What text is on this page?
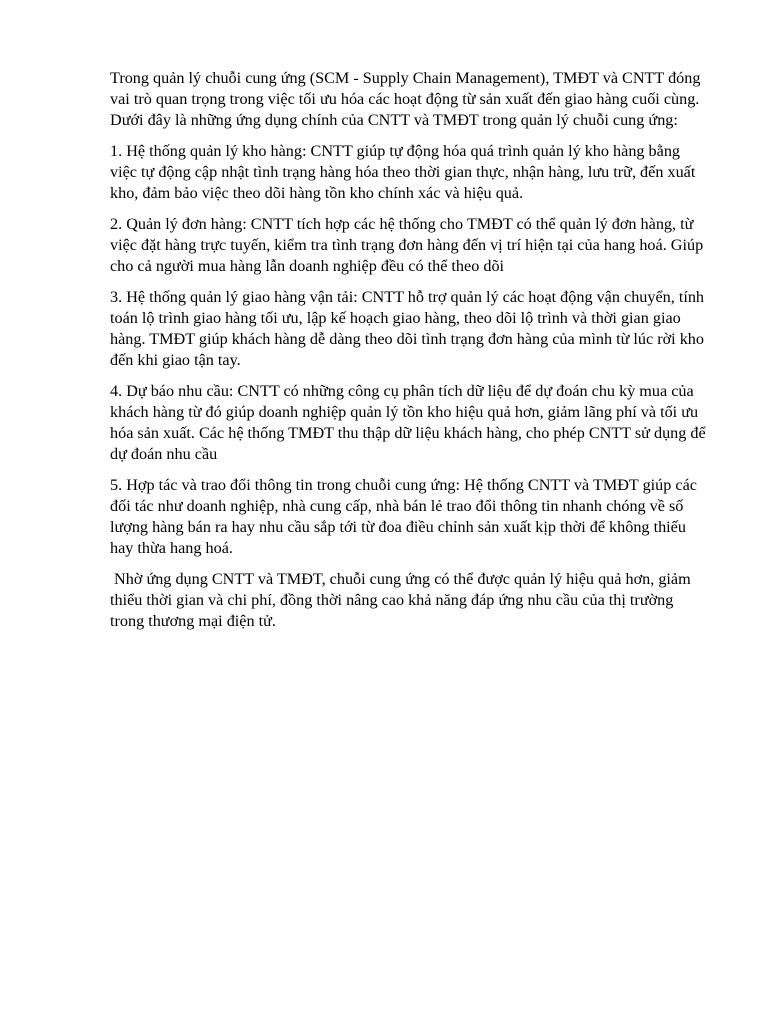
Trong quản lý chuỗi cung ứng (SCM - Supply Chain Management), TMĐT và CNTT đóng vai trò quan trọng trong việc tối ưu hóa các hoạt động từ sản xuất đến giao hàng cuối cùng. Dưới đây là những ứng dụng chính của CNTT và TMĐT trong quản lý chuỗi cung ứng:

1. Hệ thống quản lý kho hàng: CNTT giúp tự động hóa quá trình quản lý kho hàng bằng việc tự động cập nhật tình trạng hàng hóa theo thời gian thực, nhận hàng, lưu trữ, đến xuất kho, đảm bảo việc theo dõi hàng tồn kho chính xác và hiệu quả.

2. Quản lý đơn hàng: CNTT tích hợp các hệ thống cho TMĐT có thể quản lý đơn hàng, từ việc đặt hàng trực tuyến, kiểm tra tình trạng đơn hàng đến vị trí hiện tại của hang hoá. Giúp cho cả người mua hàng lẫn doanh nghiệp đều có thể theo dõi

3. Hệ thống quản lý giao hàng vận tải: CNTT hỗ trợ quản lý các hoạt động vận chuyển, tính toán lộ trình giao hàng tối ưu, lập kế hoạch giao hàng, theo dõi lộ trình và thời gian giao hàng. TMĐT giúp khách hàng dễ dàng theo dõi tình trạng đơn hàng của mình từ lúc rời kho đến khi giao tận tay.

4. Dự báo nhu cầu: CNTT có những công cụ phân tích dữ liệu để dự đoán chu kỳ mua của khách hàng từ đó giúp doanh nghiệp quản lý tồn kho hiệu quả hơn, giảm lãng phí và tối ưu hóa sản xuất. Các hệ thống TMĐT thu thập dữ liệu khách hàng, cho phép CNTT sử dụng để dự đoán nhu cầu

5. Hợp tác và trao đổi thông tin trong chuỗi cung ứng: Hệ thống CNTT và TMĐT giúp các đối tác như doanh nghiệp, nhà cung cấp, nhà bán lẻ trao đổi thông tin nhanh chóng về số lượng hàng bán ra hay nhu cầu sắp tới từ đoa điều chỉnh sản xuất kịp thời để không thiếu hay thừa hang hoá.

Nhờ ứng dụng CNTT và TMĐT, chuỗi cung ứng có thể được quản lý hiệu quả hơn, giảm thiểu thời gian và chi phí, đồng thời nâng cao khả năng đáp ứng nhu cầu của thị trường trong thương mại điện tử.
